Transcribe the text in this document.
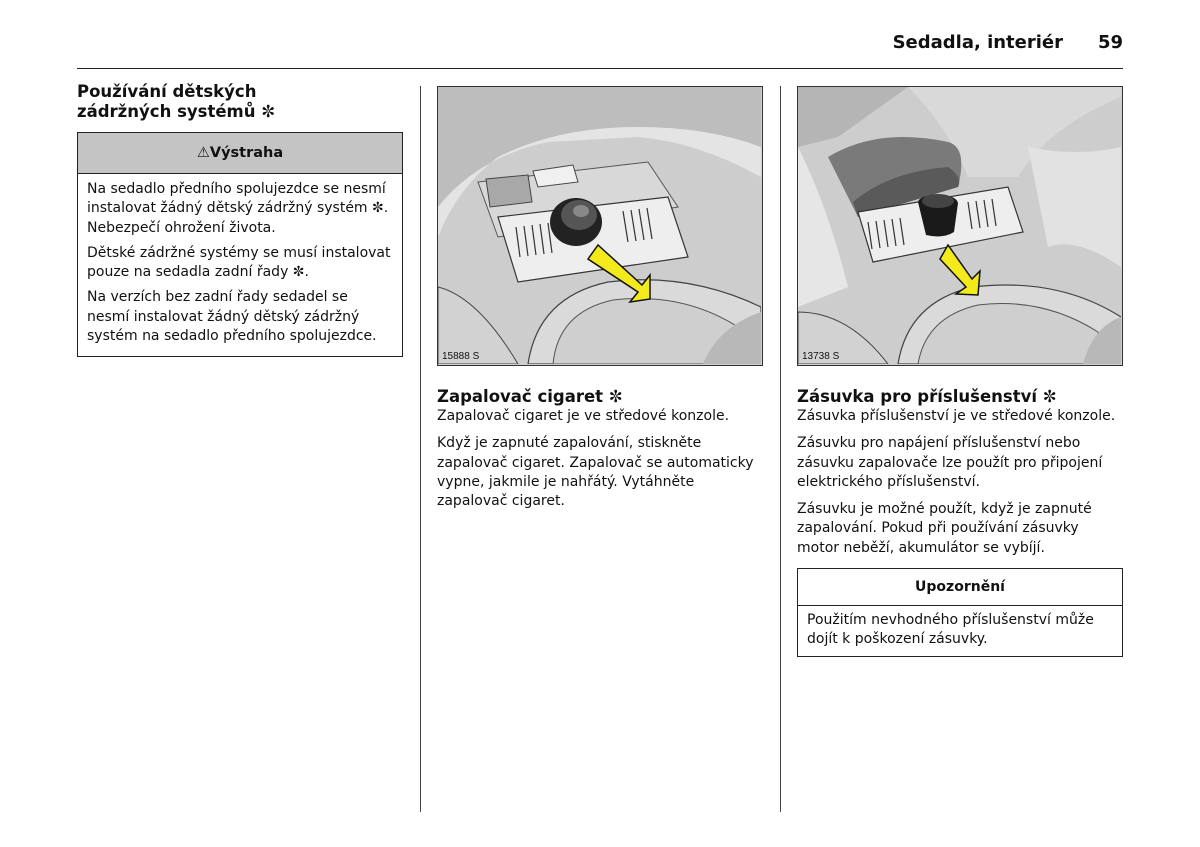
Sedadla, interiér 59
Používání dětských zádržných systémů ✼
⚠Výstraha

Na sedadlo předního spolujezdce se nesmí instalovat žádný dětský zádržný systém ✼. Nebezpečí ohrožení života.

Dětské zádržné systémy se musí instalovat pouze na sedadla zadní řady ✼.

Na verzích bez zadní řady sedadel se nesmí instalovat žádný dětský zádržný systém na sedadlo předního spolujezdce.

15888 S
Zapalovač cigaret ✼

Zapalovač cigaret je ve středové konzole.

Když je zapnuté zapalování, stiskněte zapalovač cigaret. Zapalovač se automaticky vypne, jakmile je nahřátý. Vytáhněte zapalovač cigaret.

13738 S
Zásuvka pro příslušenství ✼

Zásuvka příslušenství je ve středové konzole.

Zásuvku pro napájení příslušenství nebo zásuvku zapalovače lze použít pro připojení elektrického příslušenství.

Zásuvku je možné použít, když je zapnuté zapalování. Pokud při používání zásuvky motor neběží, akumulátor se vybíjí.

Upozornění

Použitím nevhodného příslušenství může dojít k poškození zásuvky.
